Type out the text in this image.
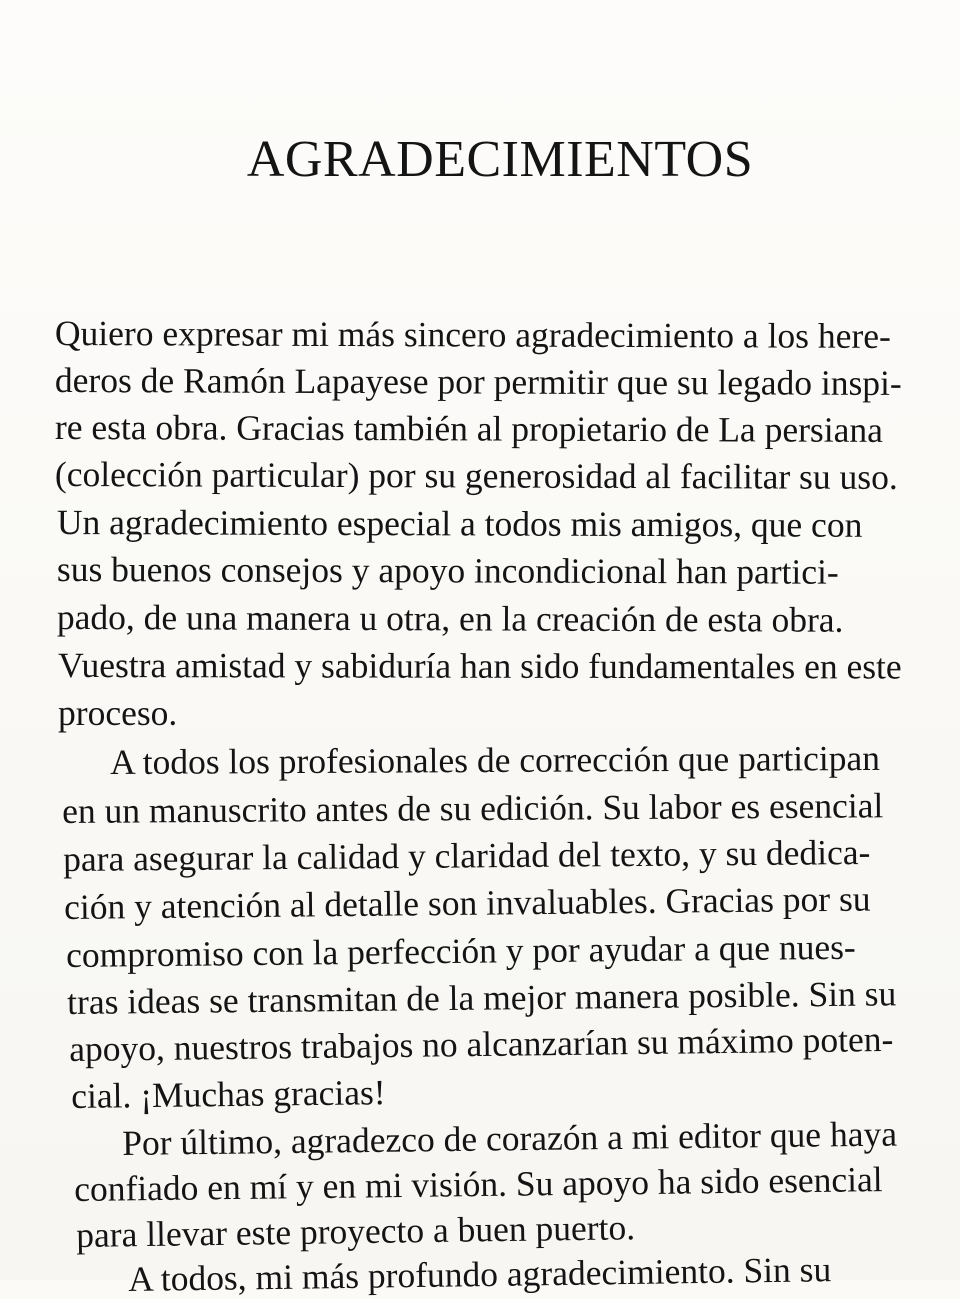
AGRADECIMIENTOS
Quiero expresar mi más sincero agradecimiento a los here-
deros de Ramón Lapayese por permitir que su legado inspi-
re esta obra. Gracias también al propietario de La persiana
(colección particular) por su generosidad al facilitar su uso.
Un agradecimiento especial a todos mis amigos, que con
sus buenos consejos y apoyo incondicional han partici-
pado, de una manera u otra, en la creación de esta obra.
Vuestra amistad y sabiduría han sido fundamentales en este
proceso.
A todos los profesionales de corrección que participan
en un manuscrito antes de su edición. Su labor es esencial
para asegurar la calidad y claridad del texto, y su dedica-
ción y atención al detalle son invaluables. Gracias por su
compromiso con la perfección y por ayudar a que nues-
tras ideas se transmitan de la mejor manera posible. Sin su
apoyo, nuestros trabajos no alcanzarían su máximo poten-
cial. ¡Muchas gracias!
Por último, agradezco de corazón a mi editor que haya
confiado en mí y en mi visión. Su apoyo ha sido esencial
para llevar este proyecto a buen puerto.
A todos, mi más profundo agradecimiento. Sin su
